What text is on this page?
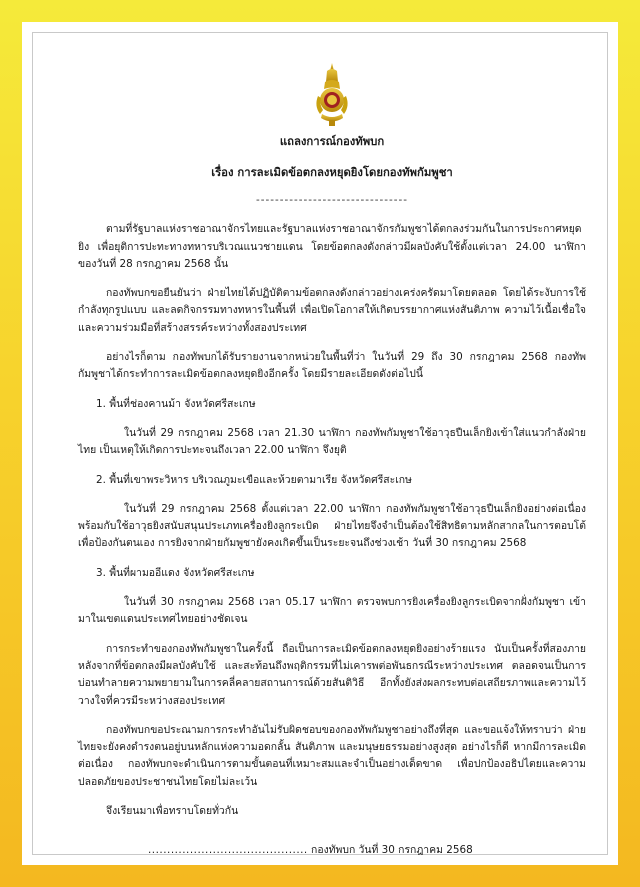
แถลงการณ์กองทัพบก
เรื่อง การละเมิดข้อตกลงหยุดยิงโดยกองทัพกัมพูชา
--------------------------------

ตามที่รัฐบาลแห่งราชอาณาจักรไทยและรัฐบาลแห่งราชอาณาจักรกัมพูชาได้ตกลงร่วมกันในการประกาศหยุดยิง เพื่อยุติการปะทะทางทหารบริเวณแนวชายแดน โดยข้อตกลงดังกล่าวมีผลบังคับใช้ตั้งแต่เวลา 24.00 นาฬิกา ของวันที่ 28 กรกฎาคม 2568 นั้น

กองทัพบกขอยืนยันว่า ฝ่ายไทยได้ปฏิบัติตามข้อตกลงดังกล่าวอย่างเคร่งครัดมาโดยตลอด โดยได้ระงับการใช้กำลังทุกรูปแบบ และลดกิจกรรมทางทหารในพื้นที่ เพื่อเปิดโอกาสให้เกิดบรรยากาศแห่งสันติภาพ ความไว้เนื้อเชื่อใจ และความร่วมมือที่สร้างสรรค์ระหว่างทั้งสองประเทศ

อย่างไรก็ตาม กองทัพบกได้รับรายงานจากหน่วยในพื้นที่ว่า ในวันที่ 29 ถึง 30 กรกฎาคม 2568 กองทัพกัมพูชาได้กระทำการละเมิดข้อตกลงหยุดยิงอีกครั้ง โดยมีรายละเอียดดังต่อไปนี้

1. พื้นที่ช่องคานม้า จังหวัดศรีสะเกษ

ในวันที่ 29 กรกฎาคม 2568 เวลา 21.30 นาฬิกา กองทัพกัมพูชาใช้อาวุธปืนเล็กยิงเข้าใส่แนวกำลังฝ่ายไทย เป็นเหตุให้เกิดการปะทะจนถึงเวลา 22.00 นาฬิกา จึงยุติ

2. พื้นที่เขาพระวิหาร บริเวณภูมะเขือและห้วยตามาเรีย จังหวัดศรีสะเกษ

ในวันที่ 29 กรกฎาคม 2568 ตั้งแต่เวลา 22.00 นาฬิกา กองทัพกัมพูชาใช้อาวุธปืนเล็กยิงอย่างต่อเนื่อง พร้อมกับใช้อาวุธยิงสนับสนุนประเภทเครื่องยิงลูกระเบิด ฝ่ายไทยจึงจำเป็นต้องใช้สิทธิตามหลักสากลในการตอบโต้เพื่อป้องกันตนเอง การยิงจากฝ่ายกัมพูชายังคงเกิดขึ้นเป็นระยะจนถึงช่วงเช้า วันที่ 30 กรกฎาคม 2568

3. พื้นที่ผามออีแดง จังหวัดศรีสะเกษ

ในวันที่ 30 กรกฎาคม 2568 เวลา 05.17 นาฬิกา ตรวจพบการยิงเครื่องยิงลูกระเบิดจากฝั่งกัมพูชา เข้ามาในเขตแดนประเทศไทยอย่างชัดเจน

การกระทำของกองทัพกัมพูชาในครั้งนี้ ถือเป็นการละเมิดข้อตกลงหยุดยิงอย่างร้ายแรง นับเป็นครั้งที่สองภายหลังจากที่ข้อตกลงมีผลบังคับใช้ และสะท้อนถึงพฤติกรรมที่ไม่เคารพต่อพันธกรณีระหว่างประเทศ ตลอดจนเป็นการบ่อนทำลายความพยายามในการคลี่คลายสถานการณ์ด้วยสันติวิธี อีกทั้งยังส่งผลกระทบต่อเสถียรภาพและความไว้วางใจที่ควรมีระหว่างสองประเทศ

กองทัพบกขอประณามการกระทำอันไม่รับผิดชอบของกองทัพกัมพูชาอย่างถึงที่สุด และขอแจ้งให้ทราบว่า ฝ่ายไทยจะยังคงดำรงตนอยู่บนหลักแห่งความอดกลั้น สันติภาพ และมนุษยธรรมอย่างสูงสุด อย่างไรก็ดี หากมีการละเมิดต่อเนื่อง กองทัพบกจะดำเนินการตามขั้นตอนที่เหมาะสมและจำเป็นอย่างเด็ดขาด เพื่อปกป้องอธิปไตยและความปลอดภัยของประชาชนไทยโดยไม่ละเว้น

จึงเรียนมาเพื่อทราบโดยทั่วกัน
.......................................... กองทัพบก วันที่ 30 กรกฎาคม 2568
